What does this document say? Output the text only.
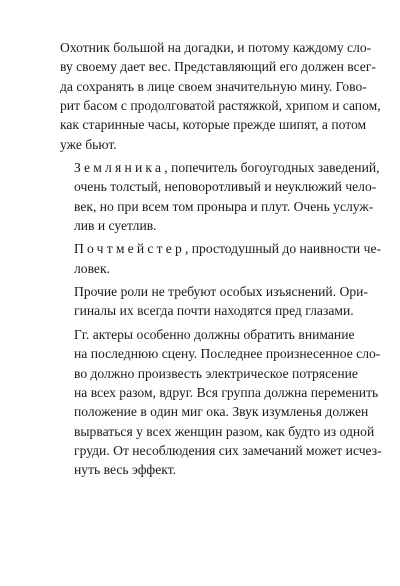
Охотник большой на догадки, и потому каждому сло-
ву своему дает вес. Представляющий его должен всег-
да сохранять в лице своем значительную мину. Гово-
рит басом с продолговатой растяжкой, хрипом и сапом,
как старинные часы, которые прежде шипят, а потом
уже бьют.

Земляника, попечитель богоугодных заведений,
очень толстый, неповоротливый и неуклюжий чело-
век, но при всем том проныра и плут. Очень услуж-
лив и суетлив.

Почтмейстер, простодушный до наивности че-
ловек.

Прочие роли не требуют особых изъяснений. Ори-
гиналы их всегда почти находятся пред глазами.

Гг. актеры особенно должны обратить внимание
на последнюю сцену. Последнее произнесенное сло-
во должно произвесть электрическое потрясение
на всех разом, вдруг. Вся группа должна переменить
положение в один миг ока. Звук изумленья должен
вырваться у всех женщин разом, как будто из одной
груди. От несоблюдения сих замечаний может исчез-
нуть весь эффект.
